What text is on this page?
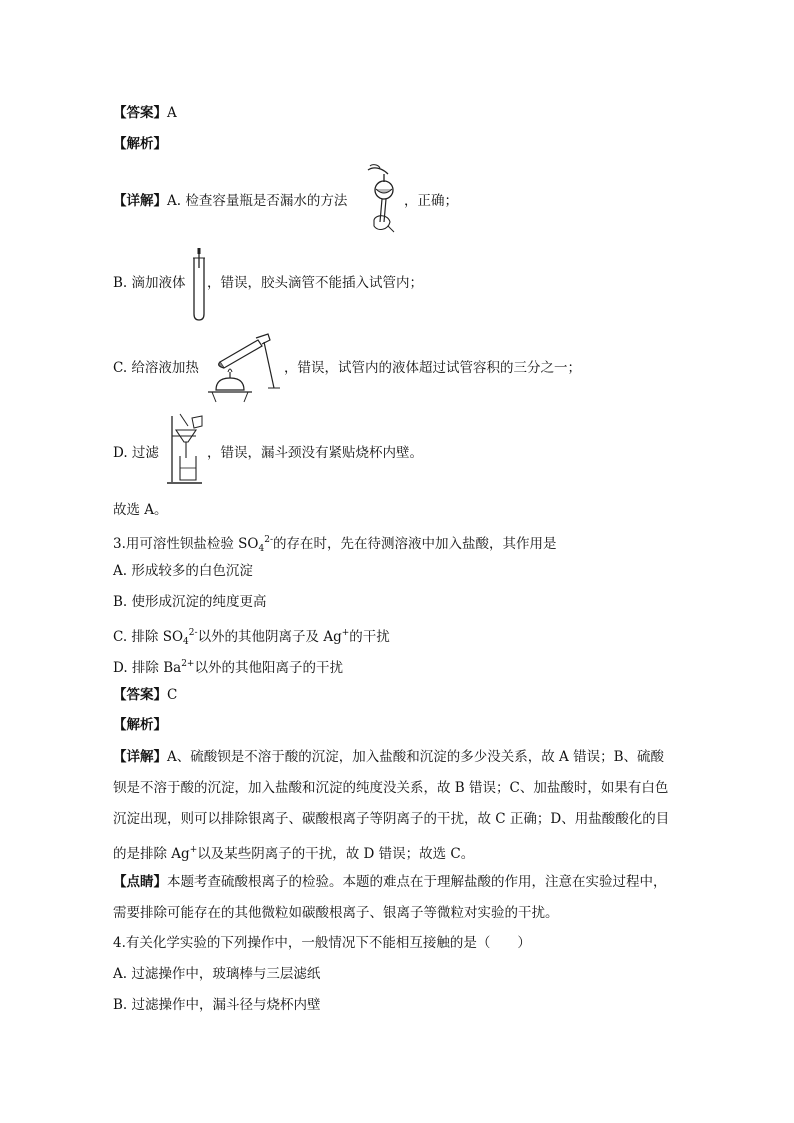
【答案】A
【解析】
【详解】A. 检查容量瓶是否漏水的方法	，正确；
B. 滴加液体 ，错误，胶头滴管不能插入试管内；
C. 给溶液加热	，错误，试管内的液体超过试管容积的三分之一；
D. 过滤	，错误，漏斗颈没有紧贴烧杯内壁。
故选 A。
3.用可溶性钡盐检验 $SO_4^{2-}$的存在时，先在待测溶液中加入盐酸，其作用是
A. 形成较多的白色沉淀
B. 使形成沉淀的纯度更高
C. 排除 $SO_4^{2-}$以外的其他阴离子及 Ag+的干扰
D. 排除 $Ba^{2+}$以外的其他阳离子的干扰
【答案】C
【解析】
【详解】A、硫酸钡是不溶于酸的沉淀，加入盐酸和沉淀的多少没关系，故 A 错误；B、硫酸
钡是不溶于酸的沉淀，加入盐酸和沉淀的纯度没关系，故 B 错误；C、加盐酸时，如果有白色
沉淀出现，则可以排除银离子、碳酸根离子等阴离子的干扰，故 C 正确；D、用盐酸酸化的目
的是排除 Ag+以及某些阴离子的干扰，故 D 错误；故选 C。
【点睛】本题考查硫酸根离子的检验。本题的难点在于理解盐酸的作用，注意在实验过程中，
需要排除可能存在的其他微粒如碳酸根离子、银离子等微粒对实验的干扰。
4.有关化学实验的下列操作中，一般情况下不能相互接触的是（　　）
A. 过滤操作中，玻璃棒与三层滤纸
B. 过滤操作中，漏斗径与烧杯内壁
